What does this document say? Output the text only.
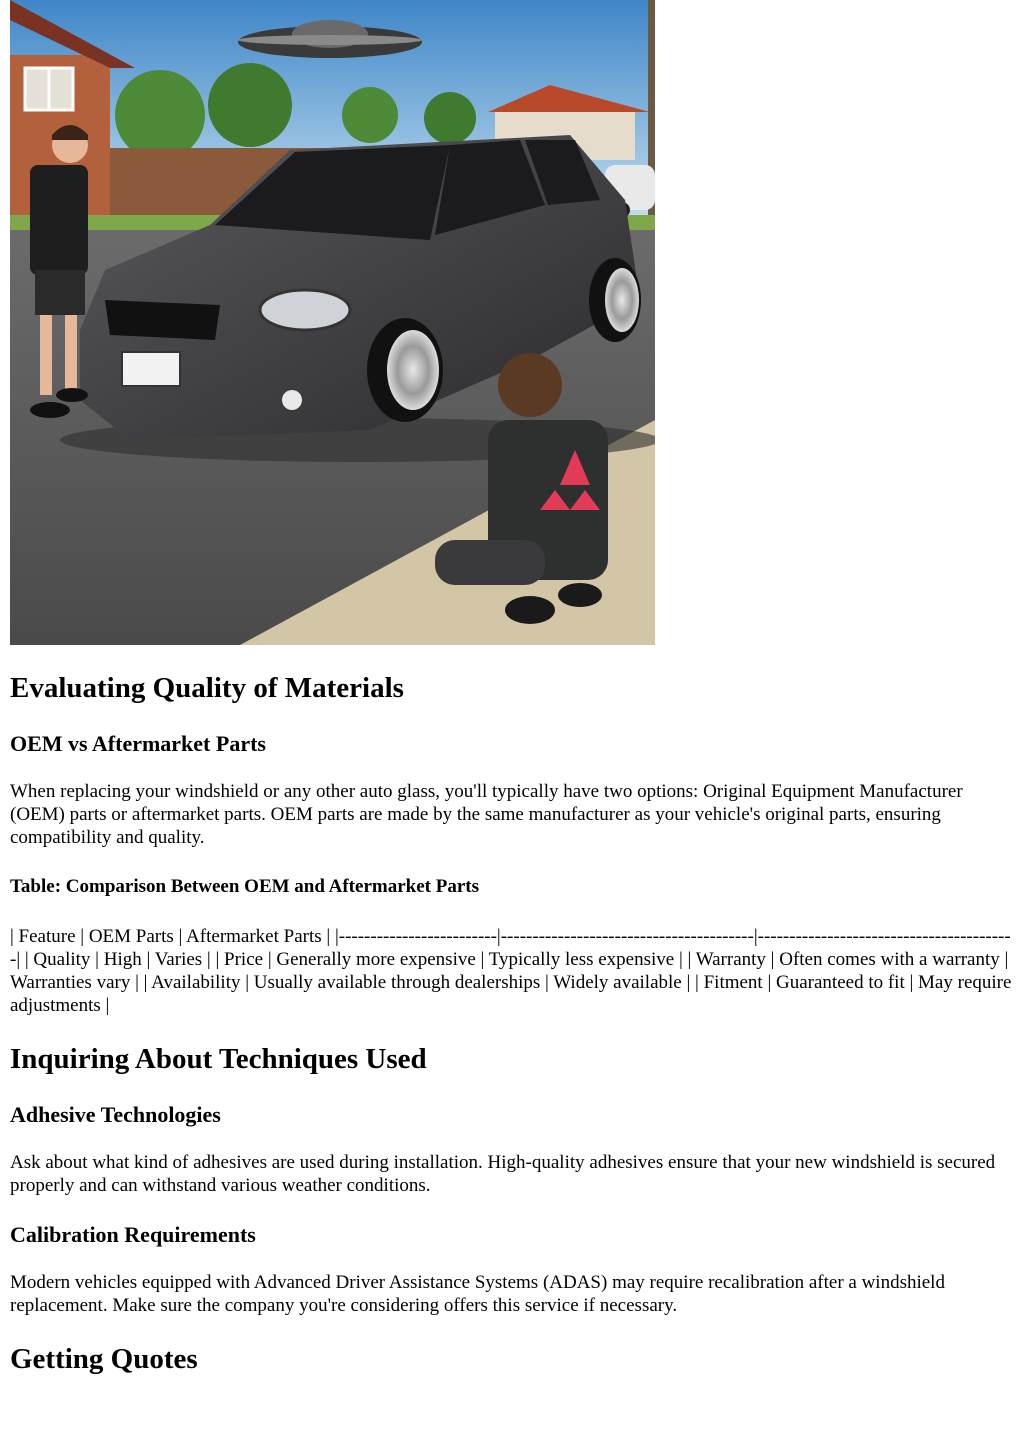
Evaluating Quality of Materials
OEM vs Aftermarket Parts

When replacing your windshield or any other auto glass, you'll typically have two options: Original Equipment Manufacturer (OEM) parts or aftermarket parts. OEM parts are made by the same manufacturer as your vehicle's original parts, ensuring compatibility and quality.

Table: Comparison Between OEM and Aftermarket Parts

| Feature | OEM Parts | Aftermarket Parts | |-------------------------|----------------------------------------|-----------------------------------------| | Quality | High | Varies | | Price | Generally more expensive | Typically less expensive | | Warranty | Often comes with a warranty | Warranties vary | | Availability | Usually available through dealerships | Widely available | | Fitment | Guaranteed to fit | May require adjustments |

Inquiring About Techniques Used
Adhesive Technologies

Ask about what kind of adhesives are used during installation. High-quality adhesives ensure that your new windshield is secured properly and can withstand various weather conditions.

Calibration Requirements

Modern vehicles equipped with Advanced Driver Assistance Systems (ADAS) may require recalibration after a windshield replacement. Make sure the company you're considering offers this service if necessary.

Getting Quotes
